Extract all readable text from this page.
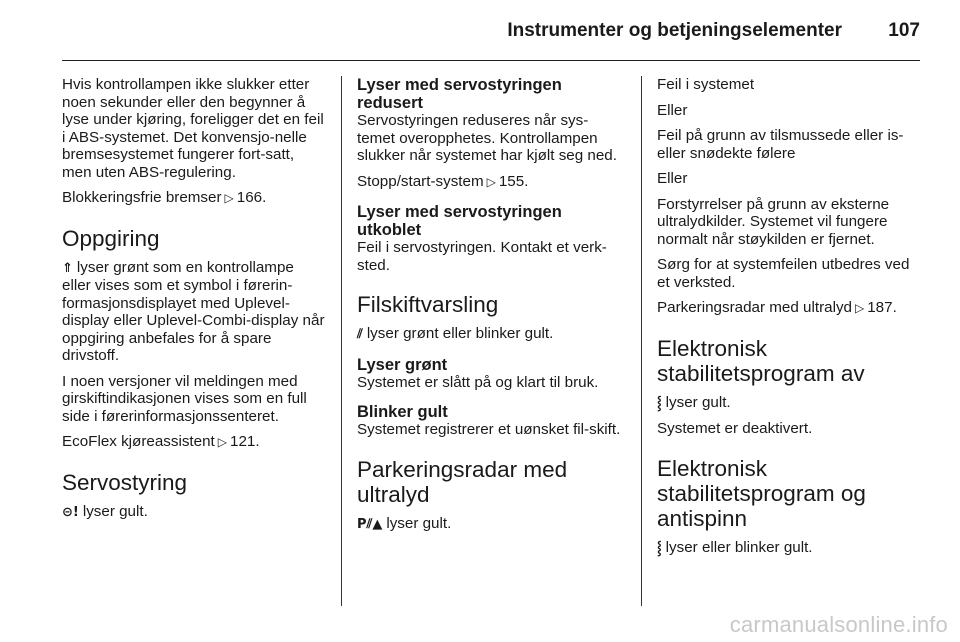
Instrumenter og betjeningselementer 107

Hvis kontrollampen ikke slukker etter noen sekunder eller den begynner å lyse under kjøring, foreligger det en feil i ABS-systemet. Det konvensjo-nelle bremsesystemet fungerer fort-satt, men uten ABS-regulering.

Blokkeringsfrie bremser ▷ 166.

Oppgiring

⇑ lyser grønt som en kontrollampe eller vises som et symbol i førerin-formasjonsdisplayet med Uplevel-display eller Uplevel-Combi-display når oppgiring anbefales for å spare drivstoff.

I noen versjoner vil meldingen med girskiftindikasjonen vises som en full side i førerinformasjonssenteret.

EcoFlex kjøreassistent ▷ 121.

Servostyring

⊝! lyser gult.

Lyser med servostyringen redusert

Servostyringen reduseres når sys-temet overopphetes. Kontrollampen slukker når systemet har kjølt seg ned.

Stopp/start-system ▷ 155.

Lyser med servostyringen utkoblet

Feil i servostyringen. Kontakt et verk-sted.

Filskiftvarsling

⫽ lyser grønt eller blinker gult.

Lyser grønt

Systemet er slått på og klart til bruk.

Blinker gult

Systemet registrerer et uønsket fil-skift.

Parkeringsradar med ultralyd

P⫽▲ lyser gult.

Feil i systemet

Eller

Feil på grunn av tilsmussede eller is-eller snødekte følere

Eller

Forstyrrelser på grunn av eksterne ultralydkilder. Systemet vil fungere normalt når støykilden er fjernet.

Sørg for at systemfeilen utbedres ved et verksted.

Parkeringsradar med ultralyd ▷ 187.

Elektronisk stabilitetsprogram av

⸾ lyser gult.

Systemet er deaktivert.

Elektronisk stabilitetsprogram og antispinn

⸾ lyser eller blinker gult.

carmanualsonline.info
